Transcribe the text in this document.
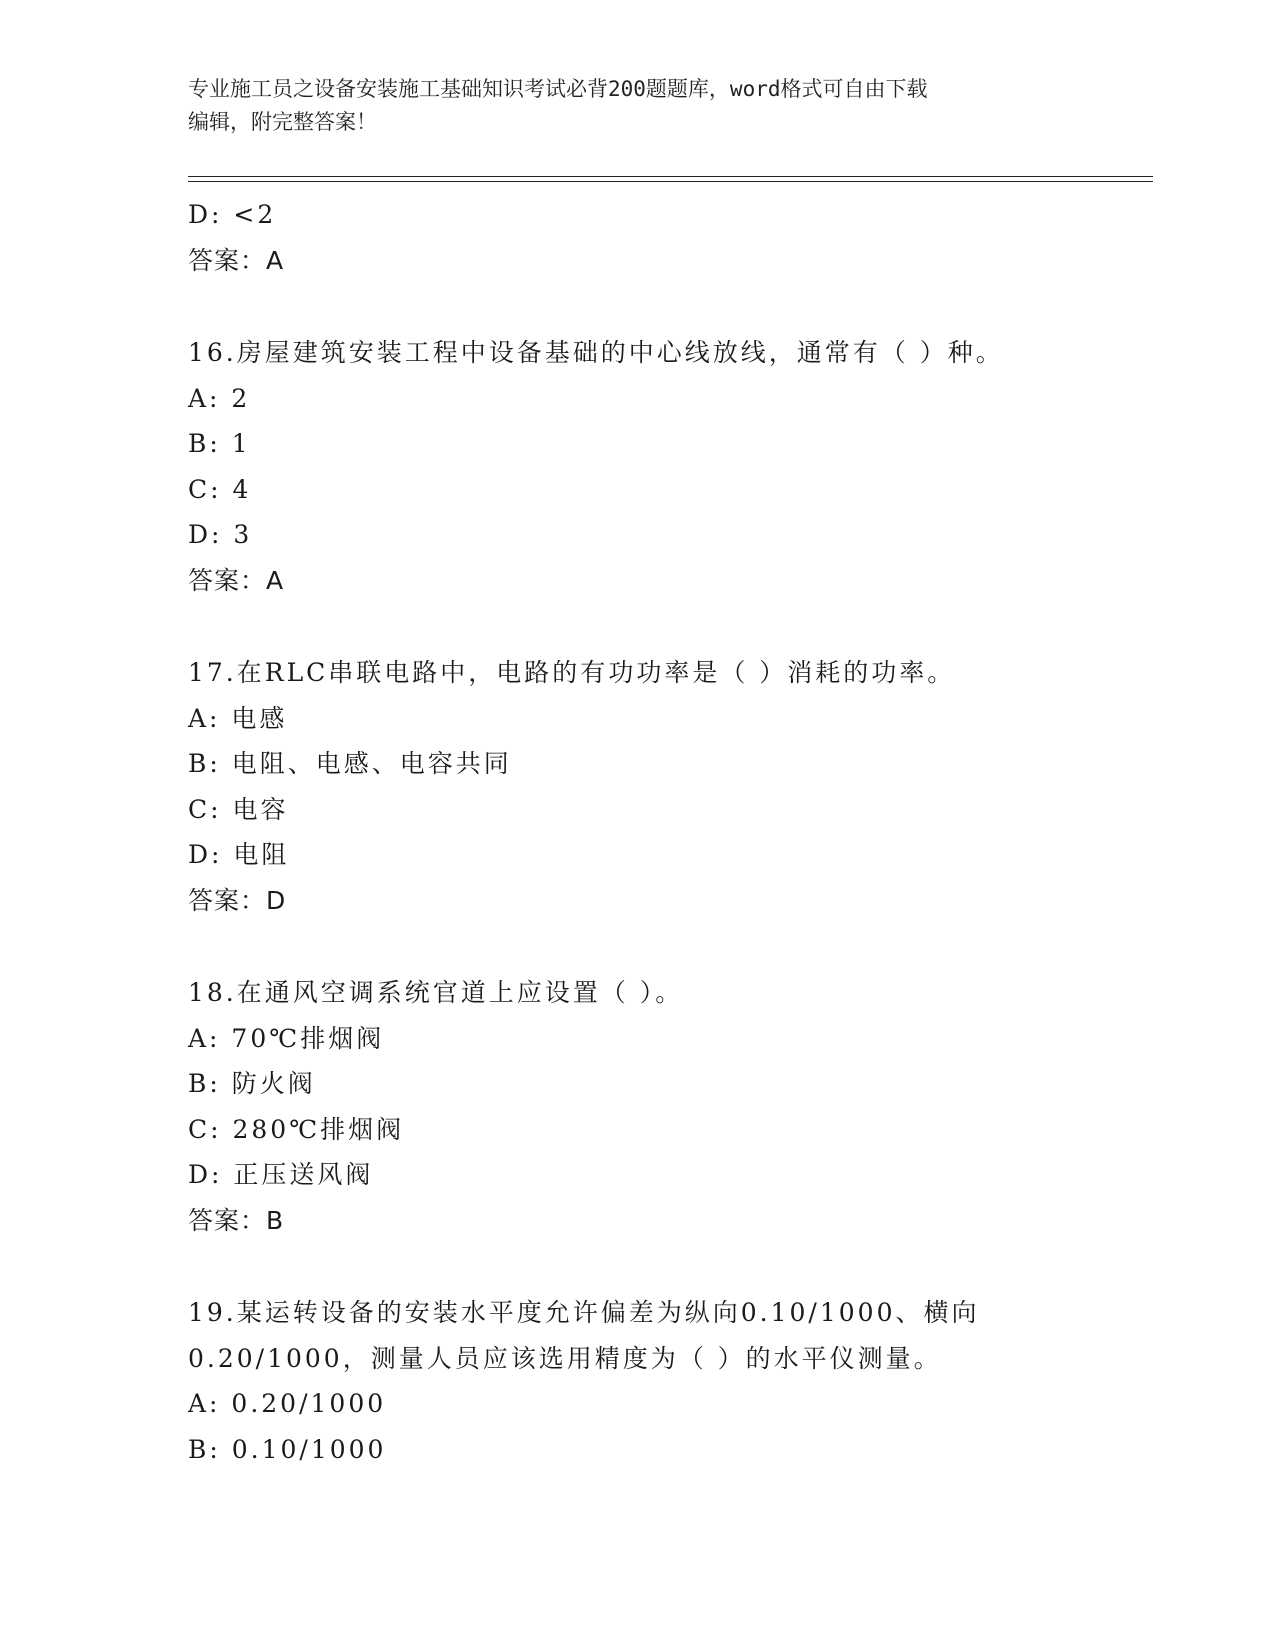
专业施工员之设备安装施工基础知识考试必背200题题库，word格式可自由下载
编辑，附完整答案！
D: <2
答案：A
16.房屋建筑安装工程中设备基础的中心线放线，通常有（ ）种。
A: 2
B: 1
C: 4
D: 3
答案：A
17.在RLC串联电路中，电路的有功功率是（ ）消耗的功率。
A: 电感
B: 电阻、电感、电容共同
C: 电容
D: 电阻
答案：D
18.在通风空调系统官道上应设置（ ）。
A: 70℃排烟阀
B: 防火阀
C: 280℃排烟阀
D: 正压送风阀
答案：B
19.某运转设备的安装水平度允许偏差为纵向0.10/1000、横向
0.20/1000，测量人员应该选用精度为（ ）的水平仪测量。
A: 0.20/1000
B: 0.10/1000
